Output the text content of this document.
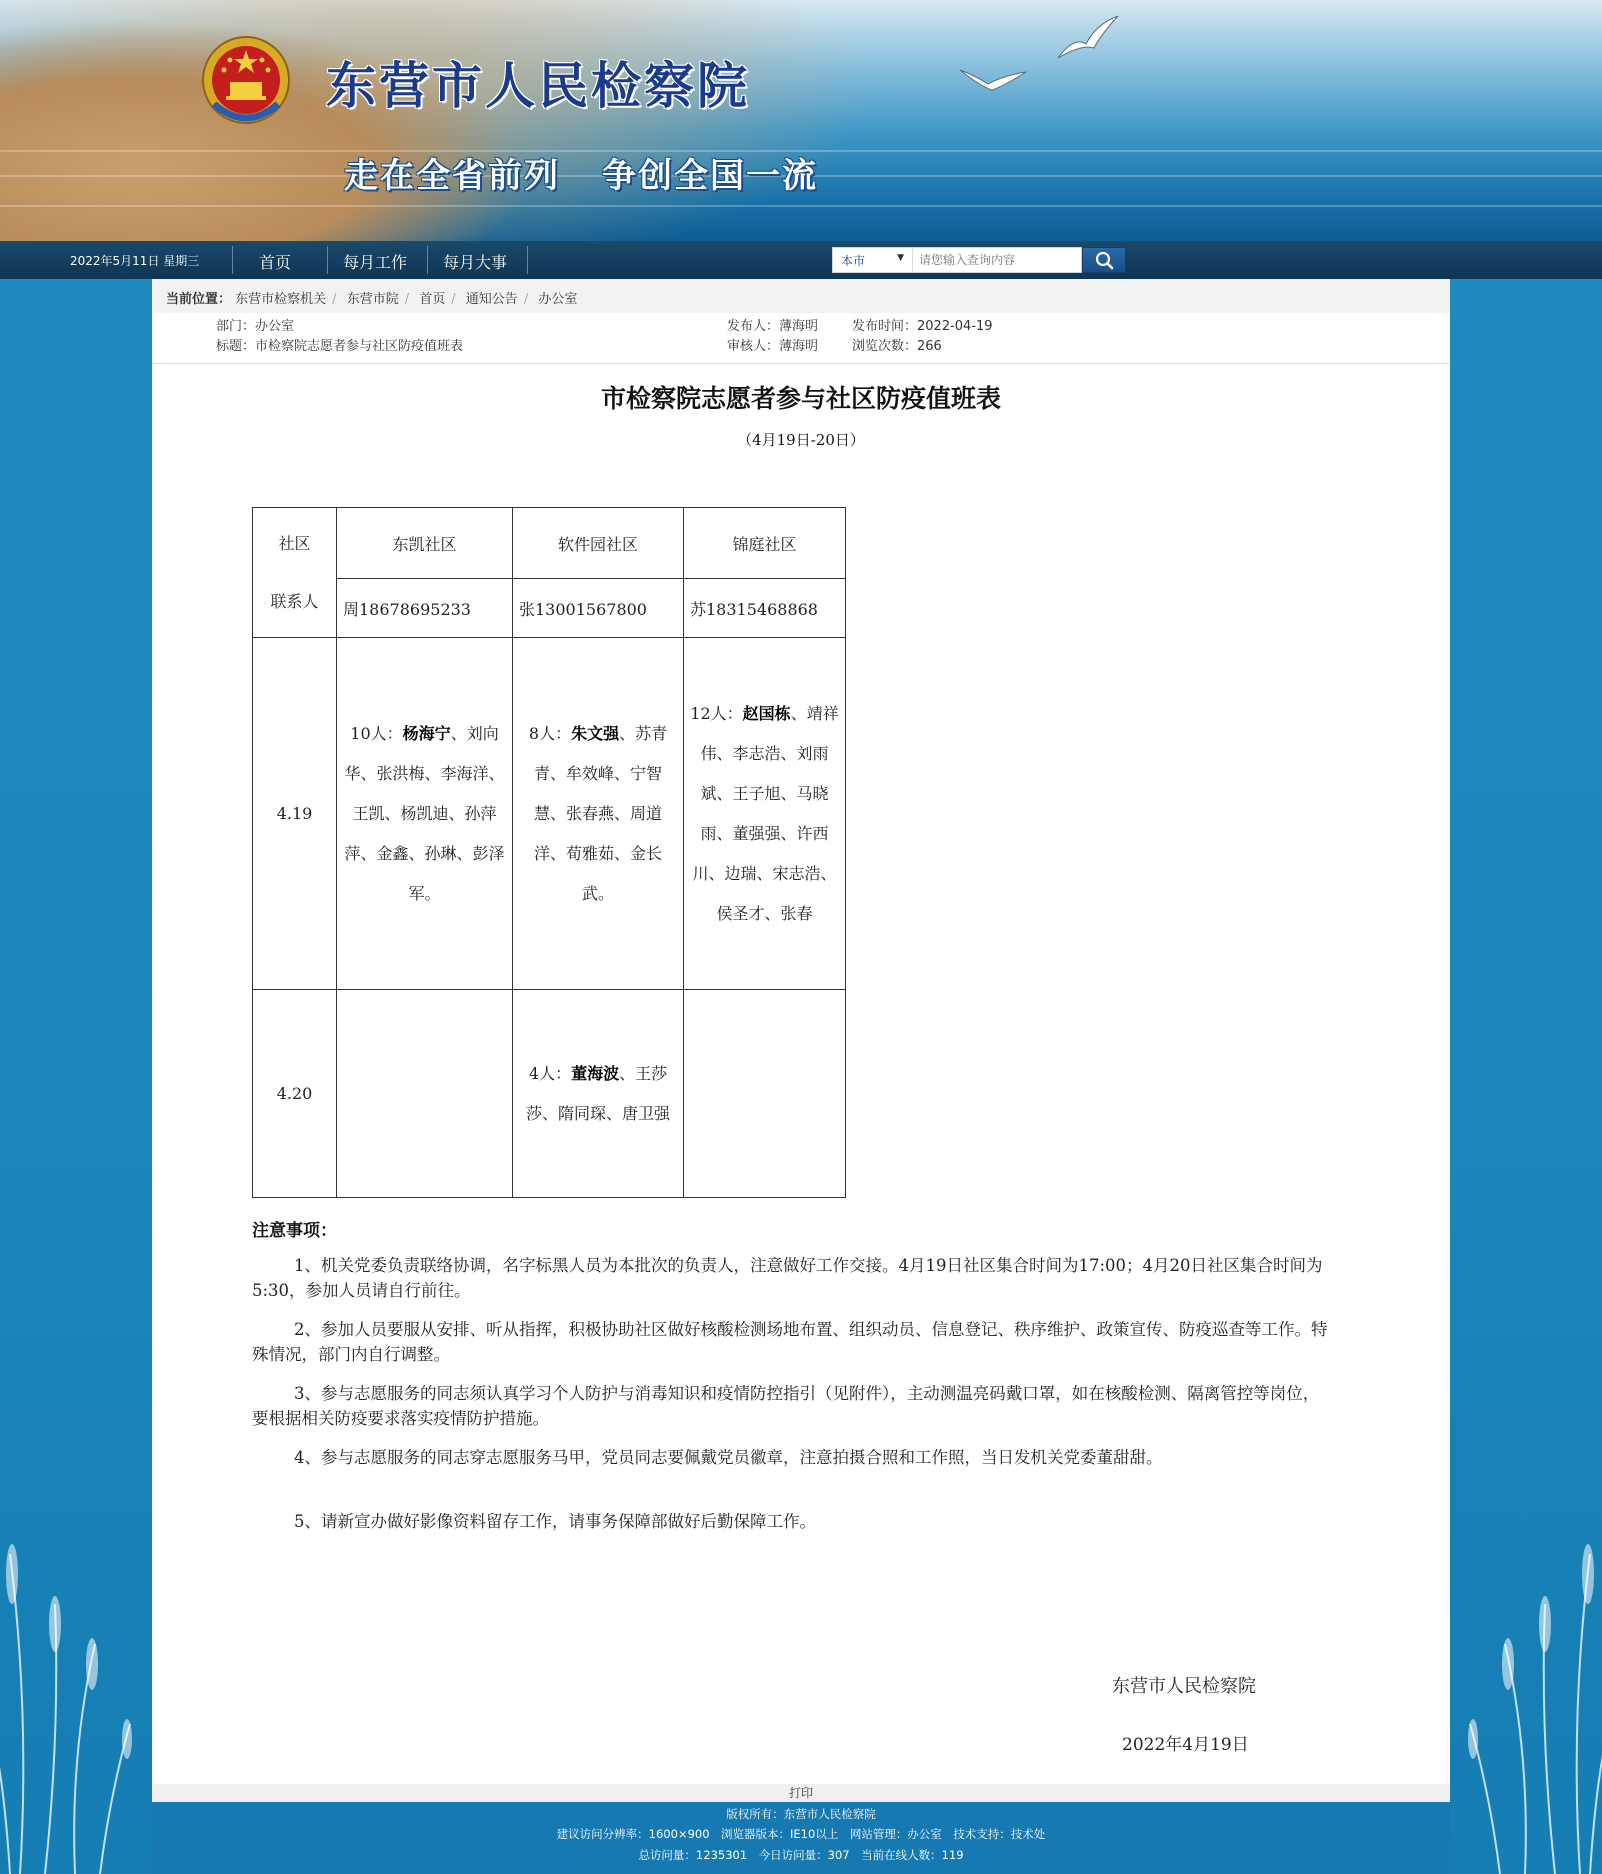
东营市人民检察院
走在全省前列 争创全国一流
2022年5月11日 星期三	首页	每月工作 每月大事	本市	▼
请您输入查询内容
当前位置： 东营市检察机关 / 东营市院 / 首页 / 通知公告 / 办公室
部门：办公室
标题：市检察院志愿者参与社区防疫值班表
发布人：薄海明	发布时间：2022-04-19
审核人：薄海明	浏览次数：266
市检察院志愿者参与社区防疫值班表
（4月19日-20日）
社区
联系人	东凯社区	软件园社区	锦庭社区
	周18678695233	张13001567800	苏18315468868
4.19	10人：杨海宁、刘向华、张洪梅、李海洋、王凯、杨凯迪、孙萍萍、金鑫、孙琳、彭泽军。	8人：朱文强、苏青青、牟效峰、宁智慧、张春燕、周道洋、荀雅茹、金长武。	12人：赵国栋、靖祥伟、李志浩、刘雨斌、王子旭、马晓雨、董强强、许西川、边瑞、宋志浩、侯圣才、张春

4.20		4人：董海波、王莎莎、隋同琛、唐卫强	

注意事项：
1、机关党委负责联络协调，名字标黑人员为本批次的负责人，注意做好工作交接。4月19日社区集合时间为17:00；4月20日社区集合时间为5:30，参加人员请自行前往。
2、参加人员要服从安排、听从指挥，积极协助社区做好核酸检测场地布置、组织动员、信息登记、秩序维护、政策宣传、防疫巡查等工作。特殊情况，部门内自行调整。
3、参与志愿服务的同志须认真学习个人防护与消毒知识和疫情防控指引（见附件），主动测温亮码戴口罩，如在核酸检测、隔离管控等岗位，要根据相关防疫要求落实疫情防护措施。
4、参与志愿服务的同志穿志愿服务马甲，党员同志要佩戴党员徽章，注意拍摄合照和工作照，当日发机关党委董甜甜。
5、请新宣办做好影像资料留存工作，请事务保障部做好后勤保障工作。
东营市人民检察院
2022年4月19日
打印
版权所有：东营市人民检察院
建议访问分辨率：1600×900　浏览器版本：IE10以上　网站管理：办公室　技术支持：技术处
总访问量：1235301　今日访问量：307　当前在线人数：119
